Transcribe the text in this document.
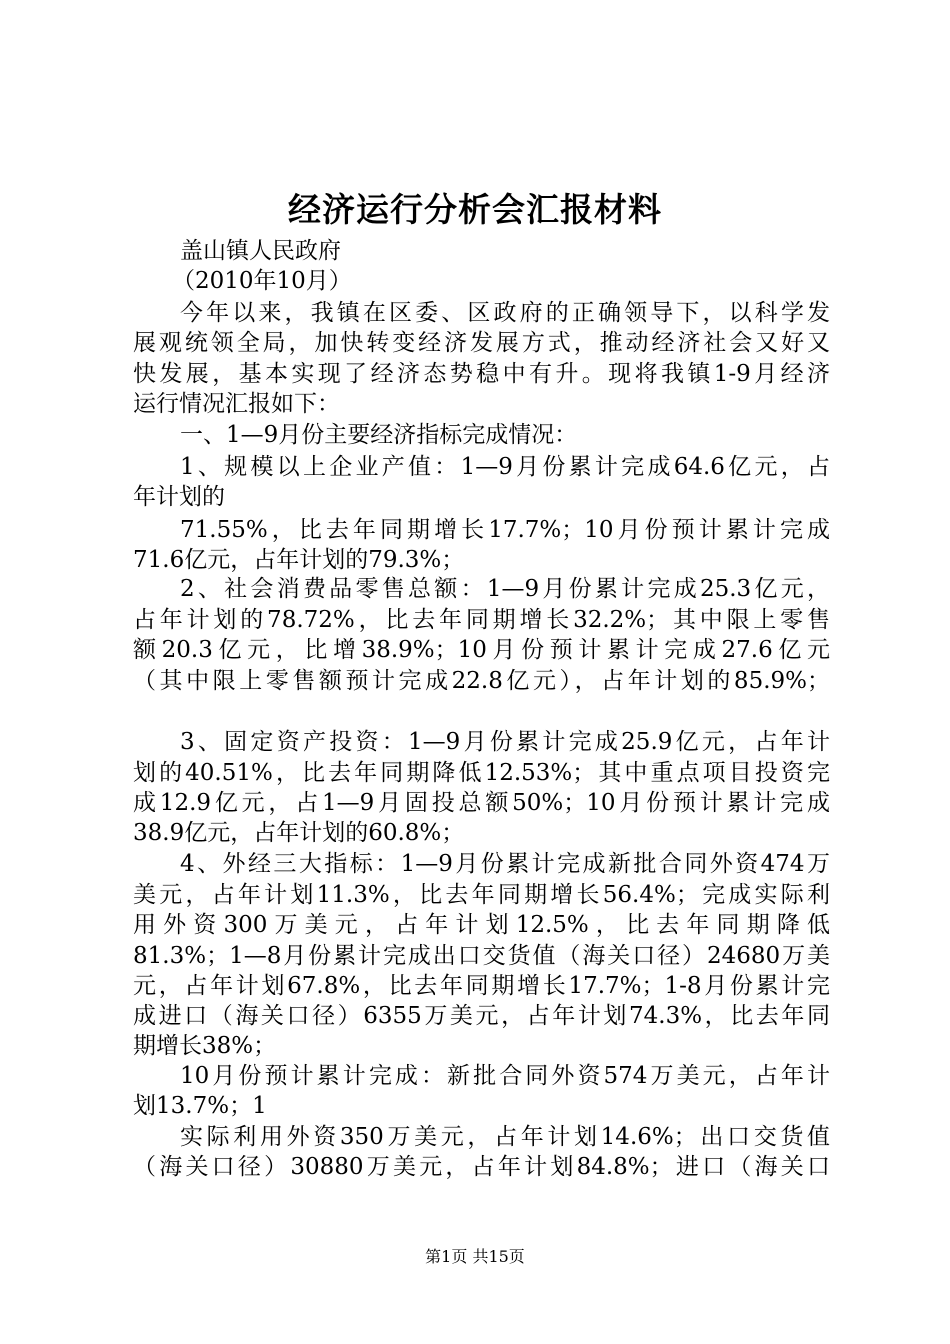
经济运行分析会汇报材料
盖山镇人民政府
（2010年10月）
今年以来，我镇在区委、区政府的正确领导下，以科学发
展观统领全局，加快转变经济发展方式，推动经济社会又好又
快发展，基本实现了经济态势稳中有升。现将我镇1-9月经济
运行情况汇报如下：
一、1—9月份主要经济指标完成情况：
1、规模以上企业产值：1—9月份累计完成64.6亿元，占
年计划的
71.55%，比去年同期增长17.7%；10月份预计累计完成
71.6亿元，占年计划的79.3%；
2、社会消费品零售总额：1—9月份累计完成25.3亿元，
占年计划的78.72%，比去年同期增长32.2%；其中限上零售
额20.3亿元，比增38.9%；10月份预计累计完成27.6亿元
（其中限上零售额预计完成22.8亿元），占年计划的85.9%；
3、固定资产投资：1—9月份累计完成25.9亿元，占年计
划的40.51%，比去年同期降低12.53%；其中重点项目投资完
成12.9亿元，占1—9月固投总额50%；10月份预计累计完成
38.9亿元，占年计划的60.8%；
4、外经三大指标：1—9月份累计完成新批合同外资474万
美元，占年计划11.3%，比去年同期增长56.4%；完成实际利
用外资300万美元，占年计划12.5%，比去年同期降低
81.3%；1—8月份累计完成出口交货值（海关口径）24680万美
元，占年计划67.8%，比去年同期增长17.7%；1-8月份累计完
成进口（海关口径）6355万美元，占年计划74.3%，比去年同
期增长38%；
10月份预计累计完成：新批合同外资574万美元，占年计
划13.7%；1
实际利用外资350万美元，占年计划14.6%；出口交货值
（海关口径）30880万美元，占年计划84.8%；进口（海关口
第1页 共15页
